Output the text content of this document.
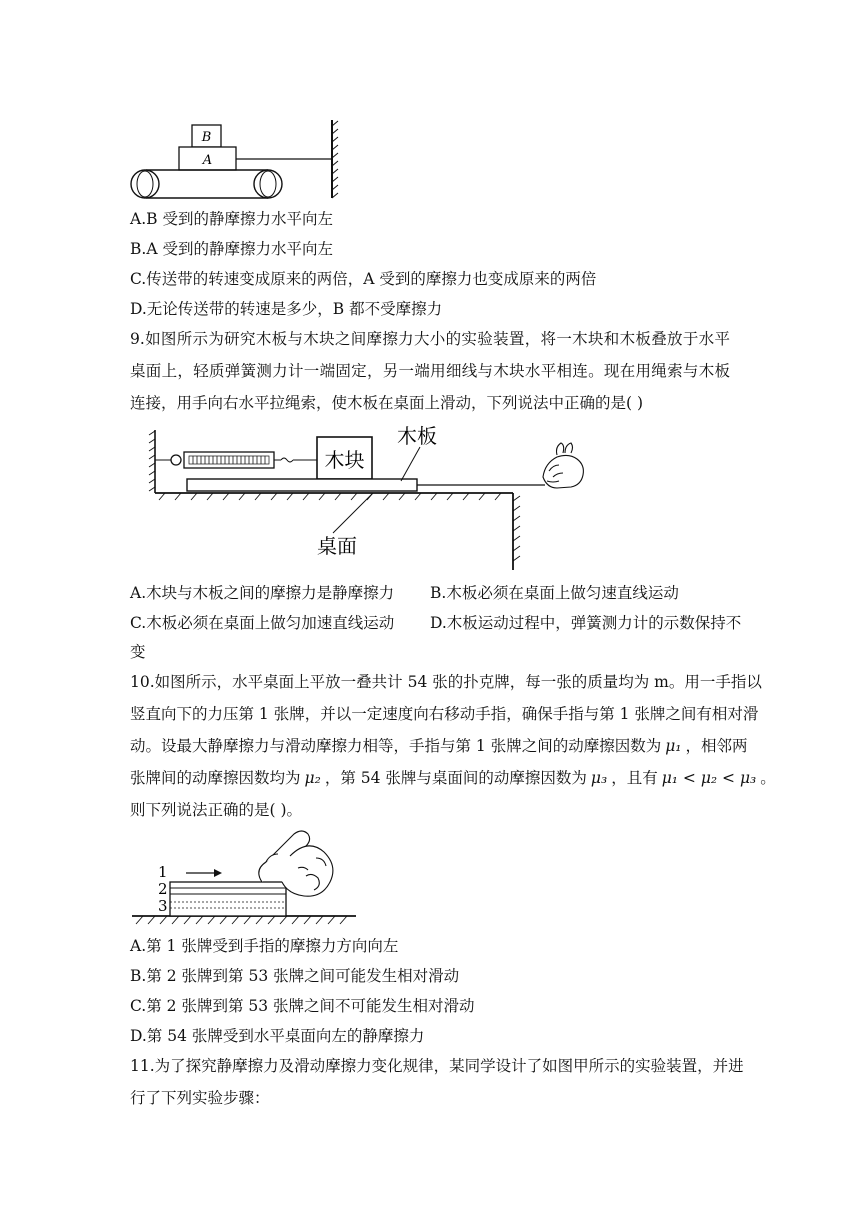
B
A
A.B 受到的静摩擦力水平向左
B.A 受到的静摩擦力水平向左
C.传送带的转速变成原来的两倍，A 受到的摩擦力也变成原来的两倍
D.无论传送带的转速是多少，B 都不受摩擦力
9.如图所示为研究木板与木块之间摩擦力大小的实验装置，将一木块和木板叠放于水平桌面上，轻质弹簧测力计一端固定，另一端用细线与木块水平相连。现在用绳索与木板连接，用手向右水平拉绳索，使木板在桌面上滑动，下列说法中正确的是( )
木块
木板
桌面
A.木块与木板之间的摩擦力是静摩擦力 B.木板必须在桌面上做匀速直线运动
C.木板必须在桌面上做匀加速直线运动 D.木板运动过程中，弹簧测力计的示数保持不
变
10.如图所示，水平桌面上平放一叠共计 54 张的扑克牌，每一张的质量均为 m。用一手指以
竖直向下的力压第 1 张牌，并以一定速度向右移动手指，确保手指与第 1 张牌之间有相对滑
动。设最大静摩擦力与滑动摩擦力相等，手指与第 1 张牌之间的动摩擦因数为 μ₁ ，相邻两
张牌间的动摩擦因数均为 μ₂ ，第 54 张牌与桌面间的动摩擦因数为 μ₃ ，且有 μ₁ < μ₂ < μ₃ 。
则下列说法正确的是( )。
1
2
3
A.第 1 张牌受到手指的摩擦力方向向左
B.第 2 张牌到第 53 张牌之间可能发生相对滑动
C.第 2 张牌到第 53 张牌之间不可能发生相对滑动
D.第 54 张牌受到水平桌面向左的静摩擦力
11.为了探究静摩擦力及滑动摩擦力变化规律，某同学设计了如图甲所示的实验装置，并进
行了下列实验步骤：
